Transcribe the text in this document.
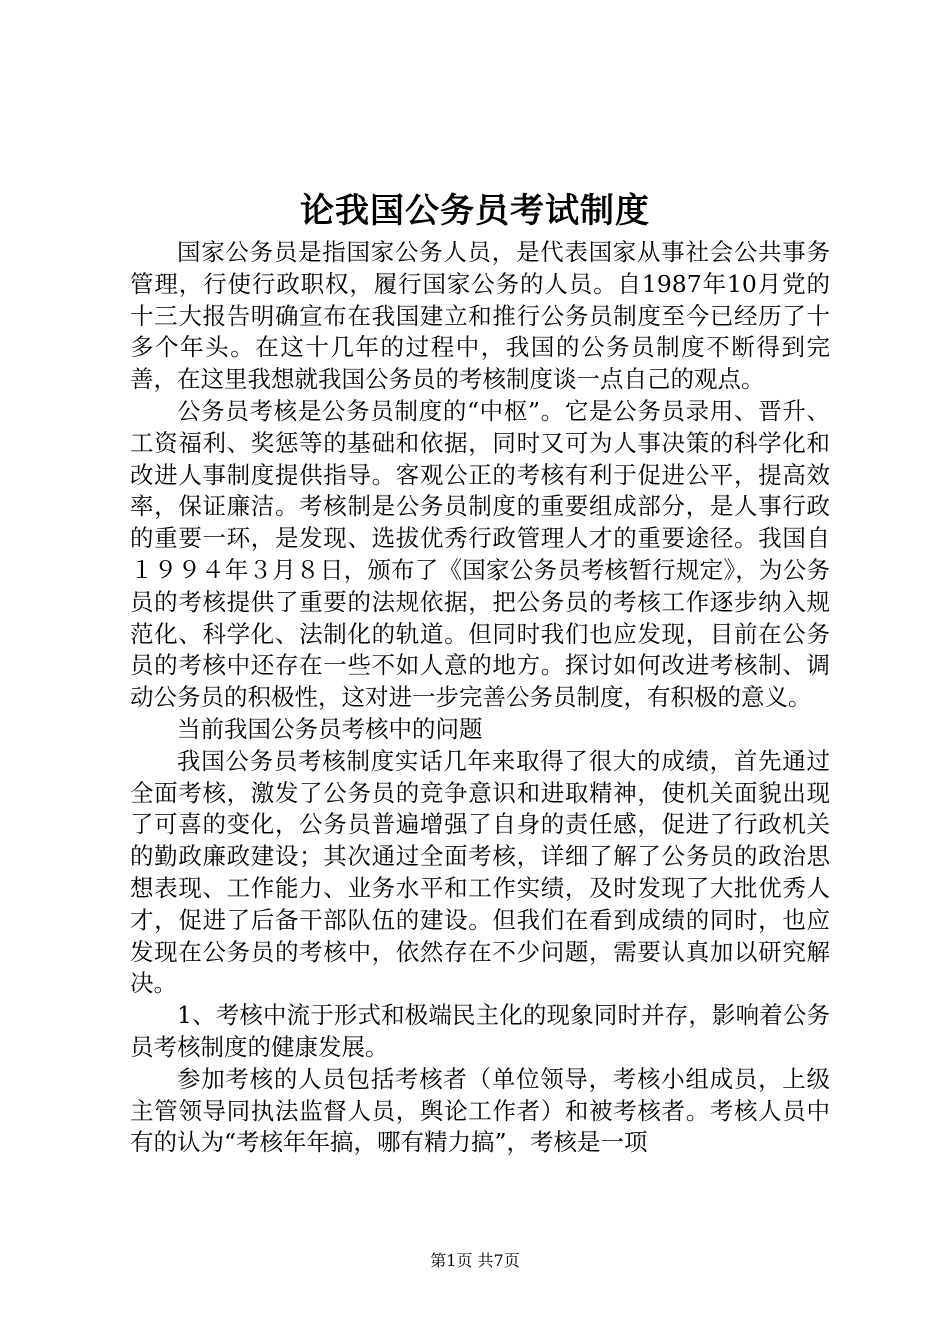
论我国公务员考试制度

国家公务员是指国家公务人员，是代表国家从事社会公共事务管理，行使行政职权，履行国家公务的人员。自1987年10月党的十三大报告明确宣布在我国建立和推行公务员制度至今已经历了十多个年头。在这十几年的过程中，我国的公务员制度不断得到完善，在这里我想就我国公务员的考核制度谈一点自己的观点。

公务员考核是公务员制度的“中枢”。它是公务员录用、晋升、工资福利、奖惩等的基础和依据，同时又可为人事决策的科学化和改进人事制度提供指导。客观公正的考核有利于促进公平，提高效率，保证廉洁。考核制是公务员制度的重要组成部分，是人事行政的重要一环，是发现、选拔优秀行政管理人才的重要途径。我国自１９９４年３月８日，颁布了《国家公务员考核暂行规定》，为公务员的考核提供了重要的法规依据，把公务员的考核工作逐步纳入规范化、科学化、法制化的轨道。但同时我们也应发现，目前在公务员的考核中还存在一些不如人意的地方。探讨如何改进考核制、调动公务员的积极性，这对进一步完善公务员制度，有积极的意义。

当前我国公务员考核中的问题

我国公务员考核制度实话几年来取得了很大的成绩，首先通过全面考核，激发了公务员的竞争意识和进取精神，使机关面貌出现了可喜的变化，公务员普遍增强了自身的责任感，促进了行政机关的勤政廉政建设；其次通过全面考核，详细了解了公务员的政治思想表现、工作能力、业务水平和工作实绩，及时发现了大批优秀人才，促进了后备干部队伍的建设。但我们在看到成绩的同时，也应发现在公务员的考核中，依然存在不少问题，需要认真加以研究解决。

1、考核中流于形式和极端民主化的现象同时并存，影响着公务员考核制度的健康发展。

参加考核的人员包括考核者（单位领导，考核小组成员，上级主管领导同执法监督人员，舆论工作者）和被考核者。考核人员中有的认为“考核年年搞，哪有精力搞”，考核是一项

第1页 共7页
